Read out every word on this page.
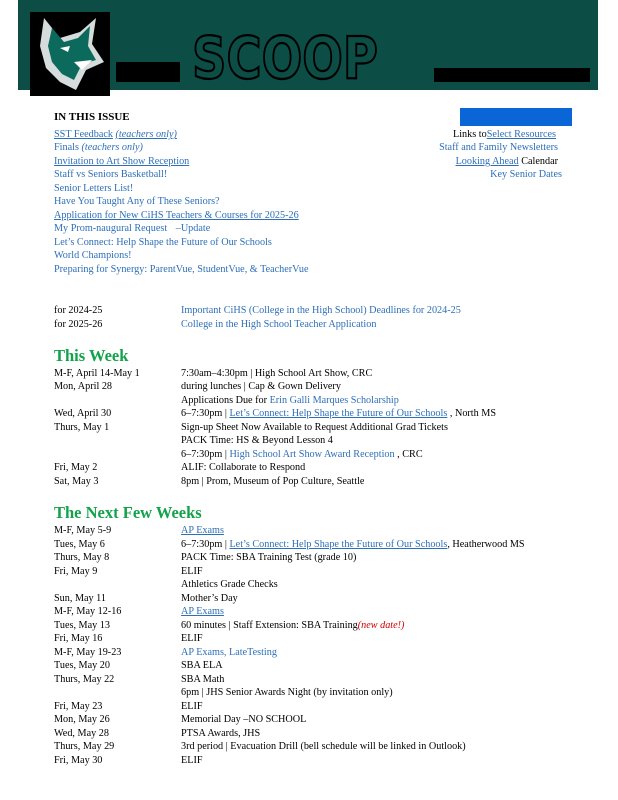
SCOOP
IN THIS ISSUE
SST Feedback (teachers only)
Finals (teachers only)
Invitation to Art Show Reception
Staff vs Seniors Basketball!
Senior Letters List!
Have You Taught Any of These Seniors?
Application for New CiHS Teachers & Courses for 2025-26
My Prom-naugural Request –Update
Let’s Connect: Help Shape the Future of Our Schools
World Champions!
Preparing for Synergy: ParentVue, StudentVue, & TeacherVue
Links toSelect Resources
Staff and Family Newsletters
Looking Ahead Calendar
Key Senior Dates
for 2024-25	Important CiHS (College in the High School) Deadlines for 2024-25
for 2025-26	College in the High School Teacher Application
This Week
M-F, April 14-May 1	7:30am–4:30pm | High School Art Show, CRC
Mon, April 28	during lunches | Cap & Gown Delivery
Applications Due for Erin Galli Marques Scholarship
Wed, April 30	6–7:30pm | Let’s Connect: Help Shape the Future of Our Schools , North MS
Thurs, May 1	Sign-up Sheet Now Available to Request Additional Grad Tickets
PACK Time: HS & Beyond Lesson 4
6–7:30pm | High School Art Show Award Reception , CRC
Fri, May 2	ALIF: Collaborate to Respond
Sat, May 3	8pm | Prom, Museum of Pop Culture, Seattle
The Next Few Weeks
M-F, May 5-9	AP Exams
Tues, May 6	6–7:30pm | Let’s Connect: Help Shape the Future of Our Schools, Heatherwood MS
Thurs, May 8	PACK Time: SBA Training Test (grade 10)
Fri, May 9	ELIF
Athletics Grade Checks
Sun, May 11	Mother’s Day
M-F, May 12-16	AP Exams
Tues, May 13	60 minutes | Staff Extension: SBA Training(new date!)
Fri, May 16	ELIF
M-F, May 19-23	AP Exams, LateTesting
Tues, May 20	SBA ELA
Thurs, May 22	SBA Math
6pm | JHS Senior Awards Night (by invitation only)
Fri, May 23	ELIF
Mon, May 26	Memorial Day –NO SCHOOL
Wed, May 28	PTSA Awards, JHS
Thurs, May 29	3rd period | Evacuation Drill (bell schedule will be linked in Outlook)
Fri, May 30	ELIF
